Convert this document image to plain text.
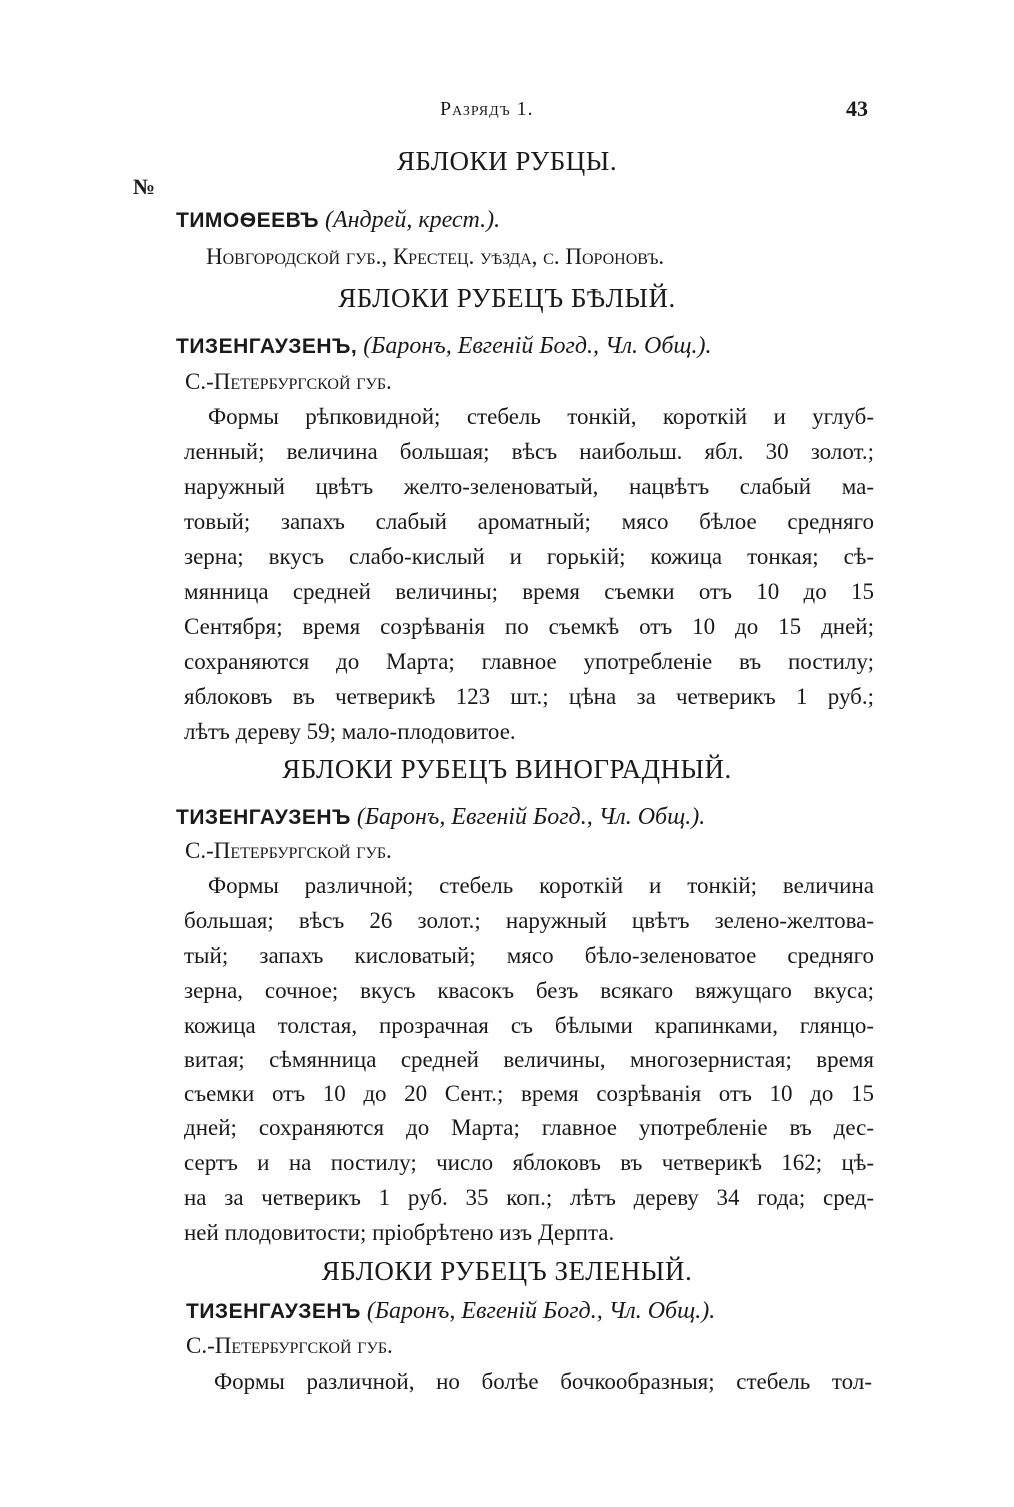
Разрядъ 1.	43
№
ЯБЛОКИ РУБЦЫ.
ТИМОѲЕЕВЪ (Андрей, крест.).
Новгородской губ., Крестец. уѣзда, с. Пороновъ.
ЯБЛОКИ РУБЕЦЪ БѢЛЫЙ.
ТИЗЕНГАУЗЕНЪ, (Баронъ, Евгеній Богд., Чл. Общ.).
С.-Петербургской губ.
Формы рѣпковидной; стебель тонкій, короткій и углуб-
ленный; величина большая; вѣсъ наибольш. ябл. 30 золот.;
наружный цвѣтъ желто-зеленоватый, нацвѣтъ слабый ма-
товый; запахъ слабый ароматный; мясо бѣлое средняго
зерна; вкусъ слабо-кислый и горькій; кожица тонкая; сѣ-
мянница средней величины; время съемки отъ 10 до 15
Сентября; время созрѣванія по съемкѣ отъ 10 до 15 дней;
сохраняются до Марта; главное употребленіе въ постилу;
яблоковъ въ четверикѣ 123 шт.; цѣна за четверикъ 1 руб.;
лѣтъ дереву 59; мало-плодовитое.
ЯБЛОКИ РУБЕЦЪ ВИНОГРАДНЫЙ.
ТИЗЕНГАУЗЕНЪ (Баронъ, Евгеній Богд., Чл. Общ.).
С.-Петербургской губ.
Формы различной; стебель короткій и тонкій; величина
большая; вѣсъ 26 золот.; наружный цвѣтъ зелено-желтова-
тый; запахъ кисловатый; мясо бѣло-зеленоватое средняго
зерна, сочное; вкусъ квасокъ безъ всякаго вяжущаго вкуса;
кожица толстая, прозрачная съ бѣлыми крапинками, глянцо-
витая; сѣмянница средней величины, многозернистая; время
съемки отъ 10 до 20 Сент.; время созрѣванія отъ 10 до 15
дней; сохраняются до Марта; главное употребленіе въ дес-
сертъ и на постилу; число яблоковъ въ четверикѣ 162; цѣ-
на за четверикъ 1 руб. 35 коп.; лѣтъ дереву 34 года; сред-
ней плодовитости; пріобрѣтено изъ Дерпта.
ЯБЛОКИ РУБЕЦЪ ЗЕЛЕНЫЙ.
ТИЗЕНГАУЗЕНЪ (Баронъ, Евгеній Богд., Чл. Общ.).
С.-Петербургской губ.
Формы различной, но болѣе бочкообразныя; стебель тол-
